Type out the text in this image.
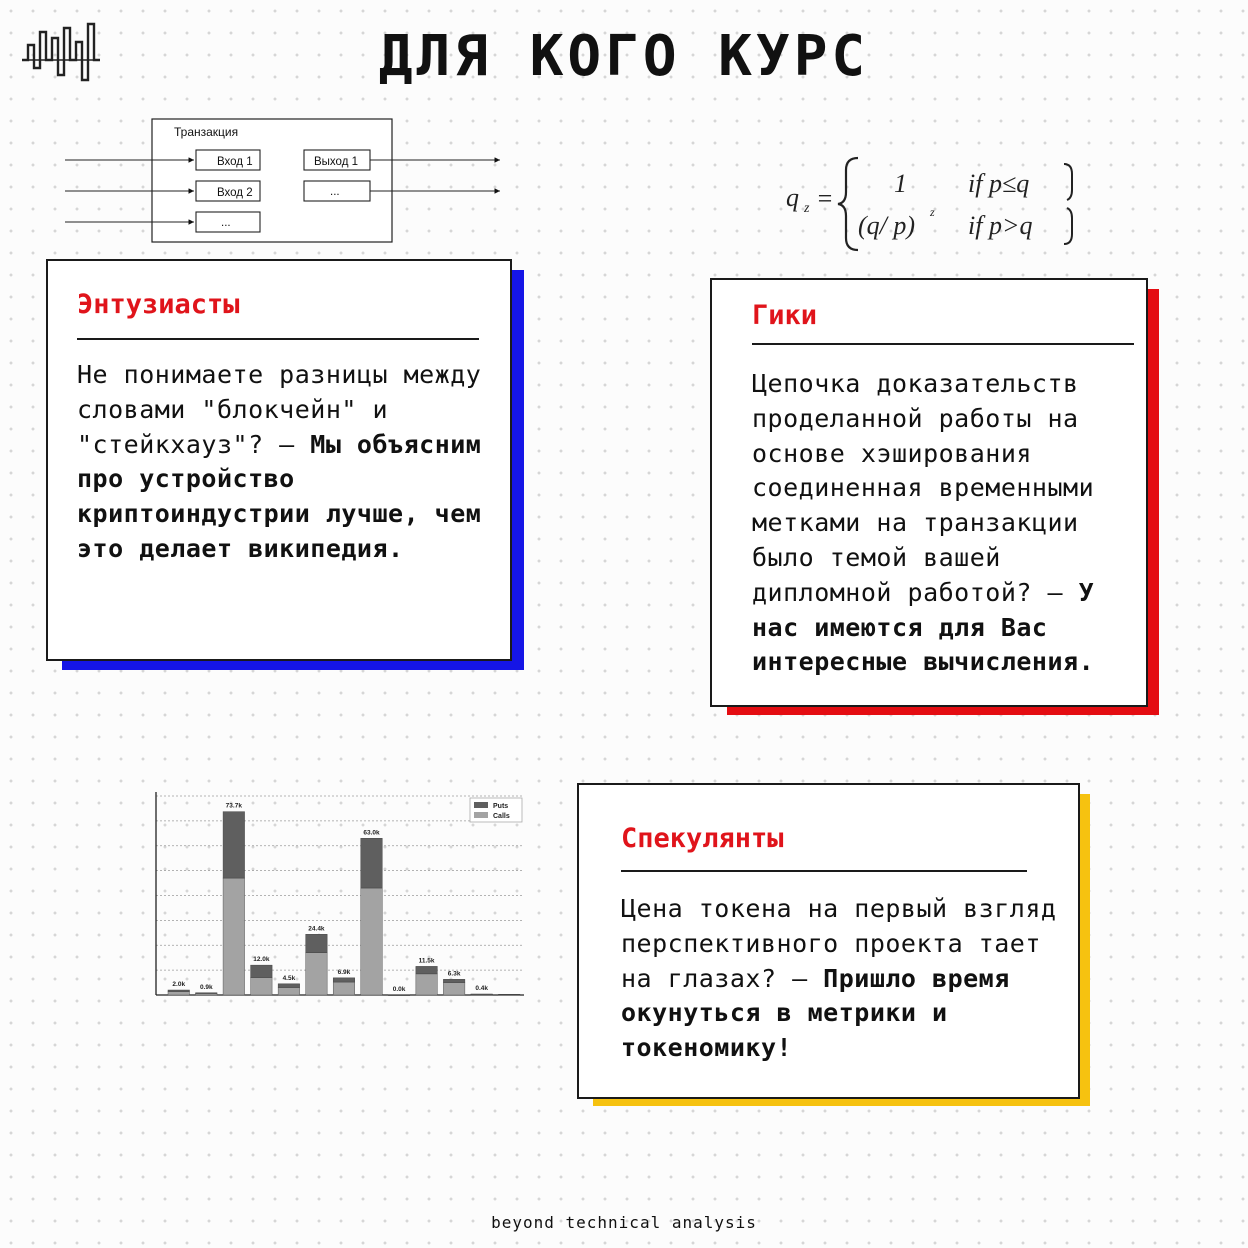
ДЛЯ КОГО КУРС
Транзакция
Вход 1
Вход 2
...
Выход 1
...	q z =
1 if p≤q
(q/ p) z if p>q
Энтузиасты

Не понимаете разницы между словами "блокчейн" и "стейкхауз"? — Мы объясним про устройство криптоиндустрии лучше, чем это делает википедия.

Гики
Цепочка доказательств
проделанной работы на
основе хэширования
соединенная временными
метками на транзакции
было темой вашей
дипломной работой? — У
нас имеются для Вас
интересные вычисления.
Спекулянты

Цена токена на первый взгляд перспективного проекта тает на глазах? — Пришло время окунуться в метрики и токеномику!

2.0k 0.9k
73.7k
12.0k
4.5k
24.4k
6.9k
63.0k
0.0k
11.5k
6.3k
0.4k
Puts
Calls
beyond technical analysis
